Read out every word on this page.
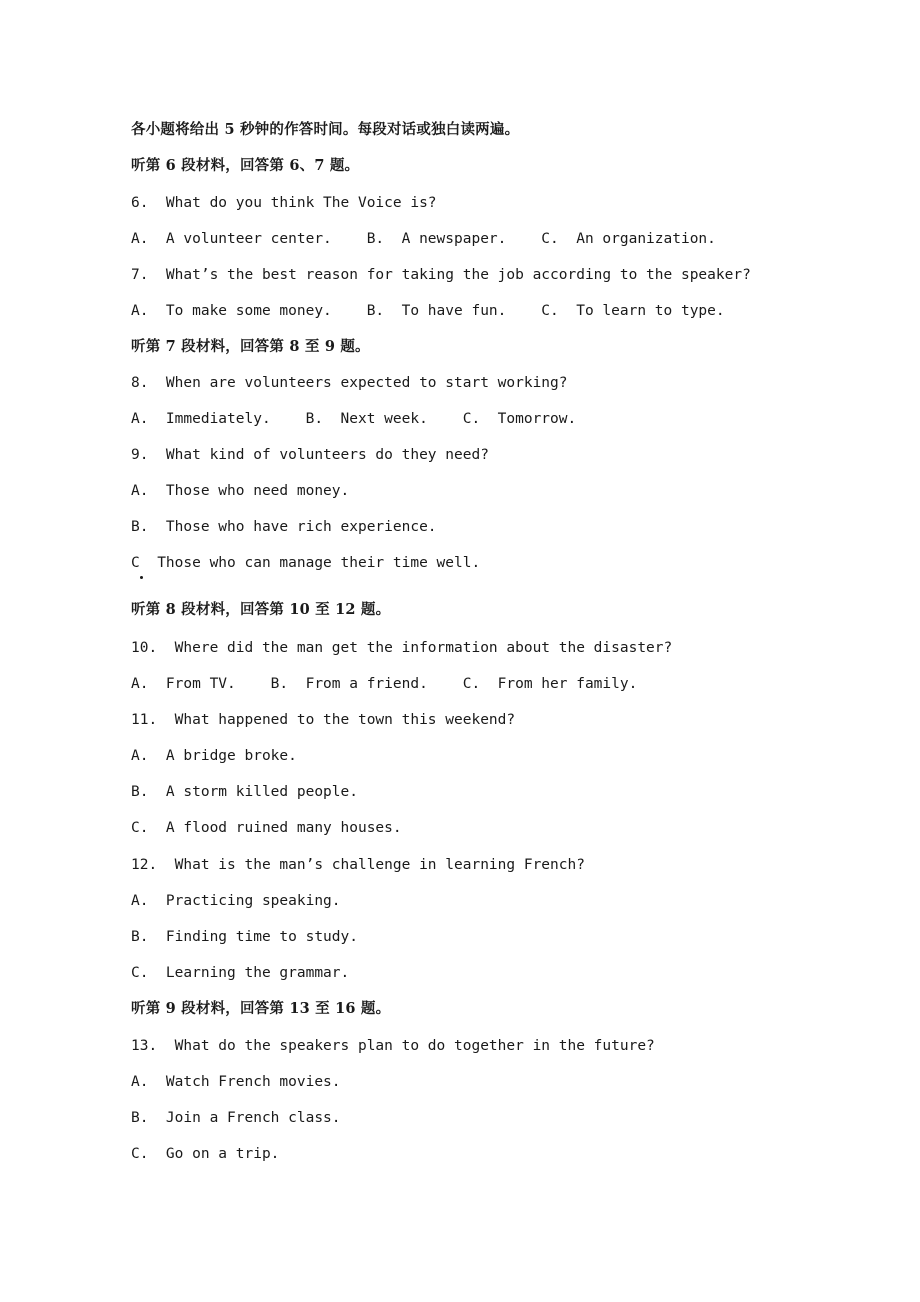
各小题将给出 5 秒钟的作答时间。每段对话或独白读两遍。
听第 6 段材料，回答第 6、7 题。
6.  What do you think The Voice is?
A.  A volunteer center.    B.  A newspaper.    C.  An organization.
7.  What’s the best reason for taking the job according to the speaker?
A.  To make some money.    B.  To have fun.    C.  To learn to type.
听第 7 段材料，回答第 8 至 9 题。
8.  When are volunteers expected to start working?
A.  Immediately.    B.  Next week.    C.  Tomorrow.
9.  What kind of volunteers do they need?
A.  Those who need money.
B.  Those who have rich experience.
C  Those who can manage their time well.
听第 8 段材料，回答第 10 至 12 题。
10.  Where did the man get the information about the disaster?
A.  From TV.    B.  From a friend.    C.  From her family.
11.  What happened to the town this weekend?
A.  A bridge broke.
B.  A storm killed people.
C.  A flood ruined many houses.
12.  What is the man’s challenge in learning French?
A.  Practicing speaking.
B.  Finding time to study.
C.  Learning the grammar.
听第 9 段材料，回答第 13 至 16 题。
13.  What do the speakers plan to do together in the future?
A.  Watch French movies.
B.  Join a French class.
C.  Go on a trip.
